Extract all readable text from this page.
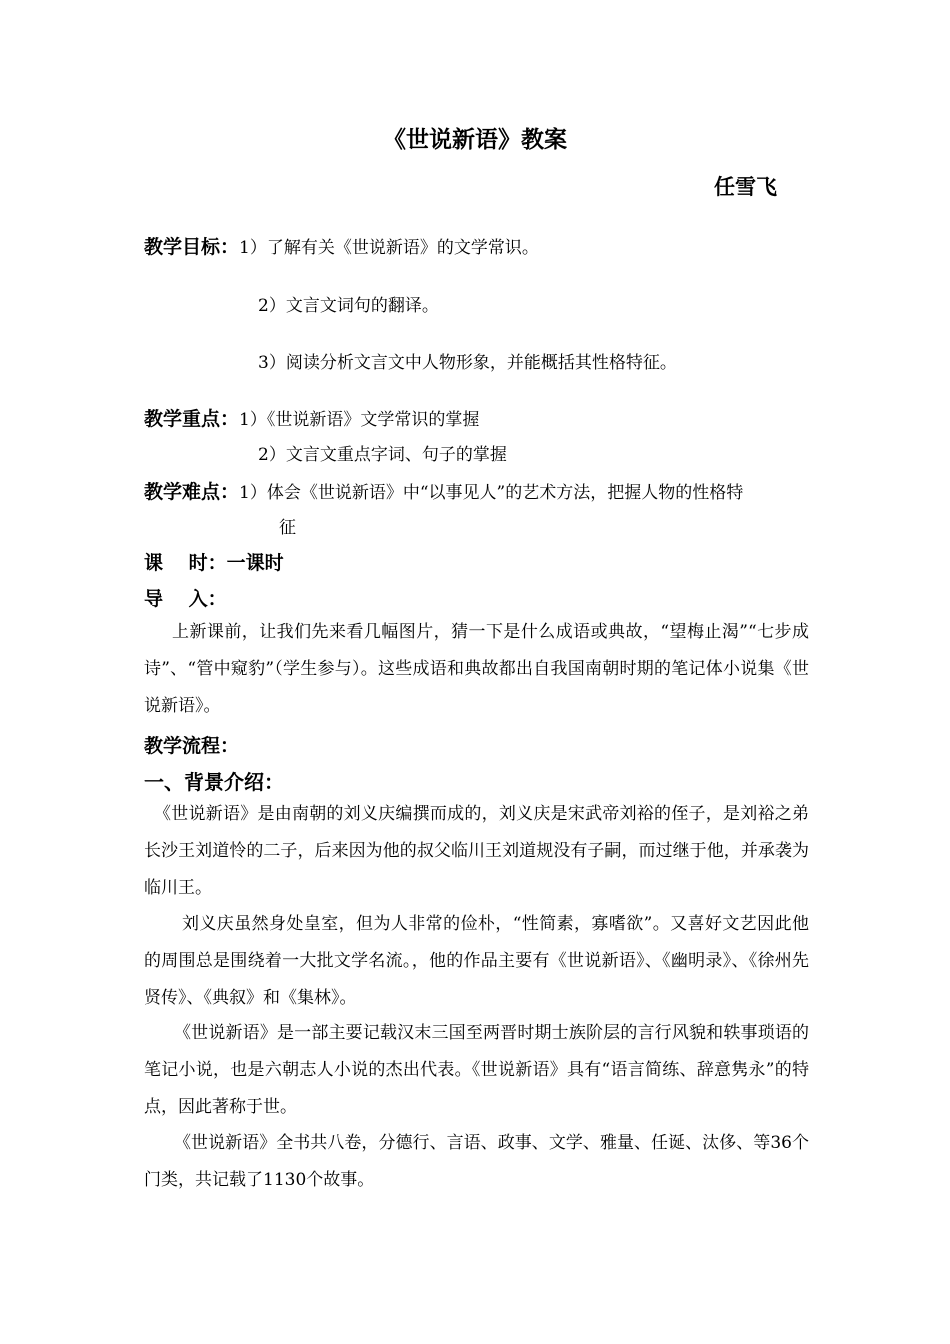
《世说新语》教案
任雪飞
教学目标：1）了解有关《世说新语》的文学常识。
2）文言文词句的翻译。
3）阅读分析文言文中人物形象，并能概括其性格特征。
教学重点：1）《世说新语》文学常识的掌握
2）文言文重点字词、句子的掌握
教学难点：1）体会《世说新语》中“以事见人”的艺术方法，把握人物的性格特
征
课　 时：一课时
导　 入：
上新课前，让我们先来看几幅图片，猜一下是什么成语或典故，“望梅止渴”“七步成诗”、“管中窥豹”（学生参与）。这些成语和典故都出自我国南朝时期的笔记体小说集《世说新语》。
教学流程：
一、背景介绍：
《世说新语》是由南朝的刘义庆编撰而成的，刘义庆是宋武帝刘裕的侄子，是刘裕之弟长沙王刘道怜的二子，后来因为他的叔父临川王刘道规没有子嗣，而过继于他，并承袭为临川王。
刘义庆虽然身处皇室，但为人非常的俭朴，“性简素，寡嗜欲”。又喜好文艺因此他的周围总是围绕着一大批文学名流。，他的作品主要有《世说新语》、《幽明录》、《徐州先贤传》、《典叙》和《集林》。
《世说新语》是一部主要记载汉末三国至两晋时期士族阶层的言行风貌和轶事琐语的笔记小说，也是六朝志人小说的杰出代表。《世说新语》具有“语言简练、辞意隽永”的特点，因此著称于世。
《世说新语》全书共八卷，分德行、言语、政事、文学、雅量、任诞、汰侈、等36个门类，共记载了1130个故事。
